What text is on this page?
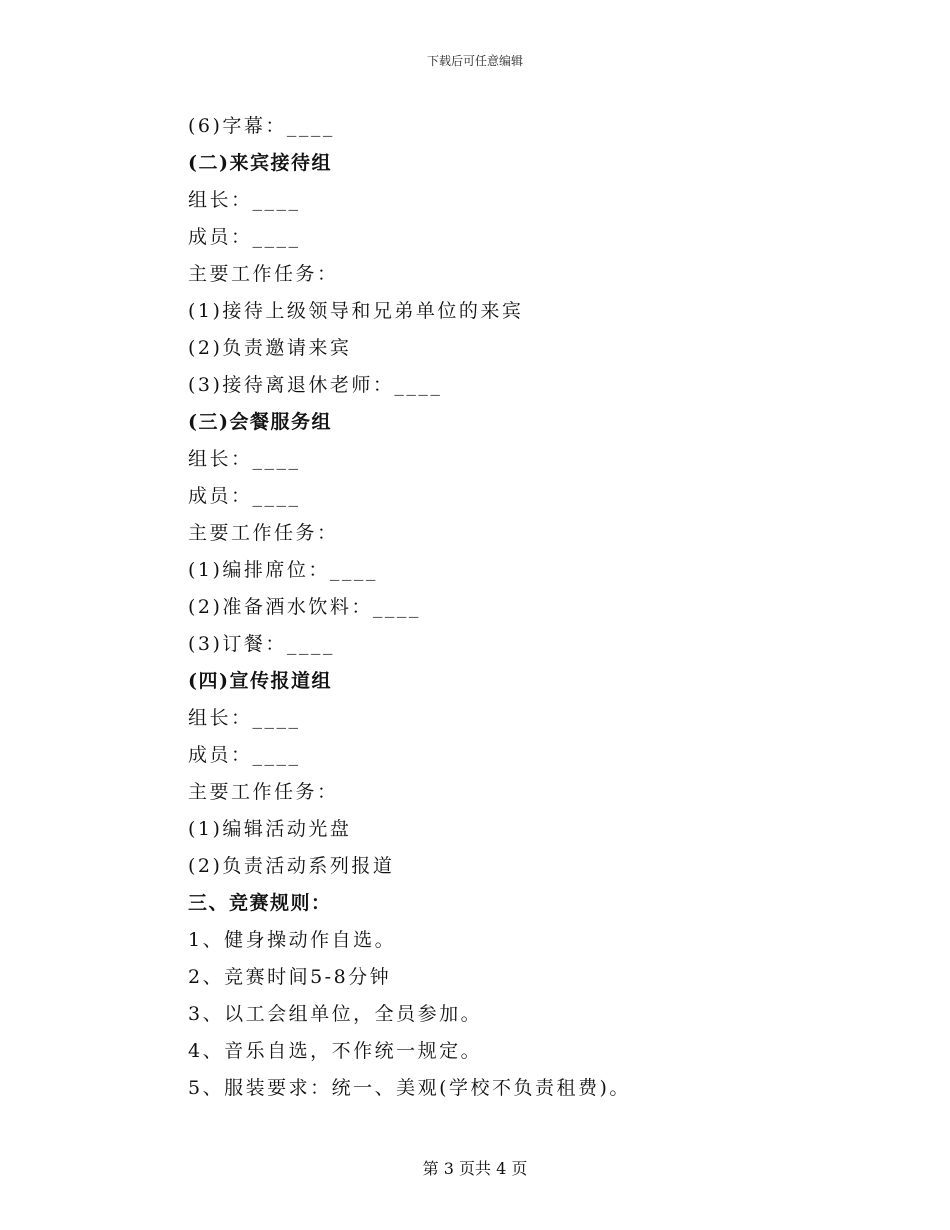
下载后可任意编辑
(6)字幕：____
(二)来宾接待组
组长：____
成员：____
主要工作任务：
(1)接待上级领导和兄弟单位的来宾
(2)负责邀请来宾
(3)接待离退休老师：____
(三)会餐服务组
组长：____
成员：____
主要工作任务：
(1)编排席位：____
(2)准备酒水饮料：____
(3)订餐：____
(四)宣传报道组
组长：____
成员：____
主要工作任务：
(1)编辑活动光盘
(2)负责活动系列报道
三、竞赛规则：
1、健身操动作自选。
2、竞赛时间5-8分钟
3、以工会组单位，全员参加。
4、音乐自选，不作统一规定。
5、服装要求：统一、美观(学校不负责租费)。
第 3 页共 4 页
